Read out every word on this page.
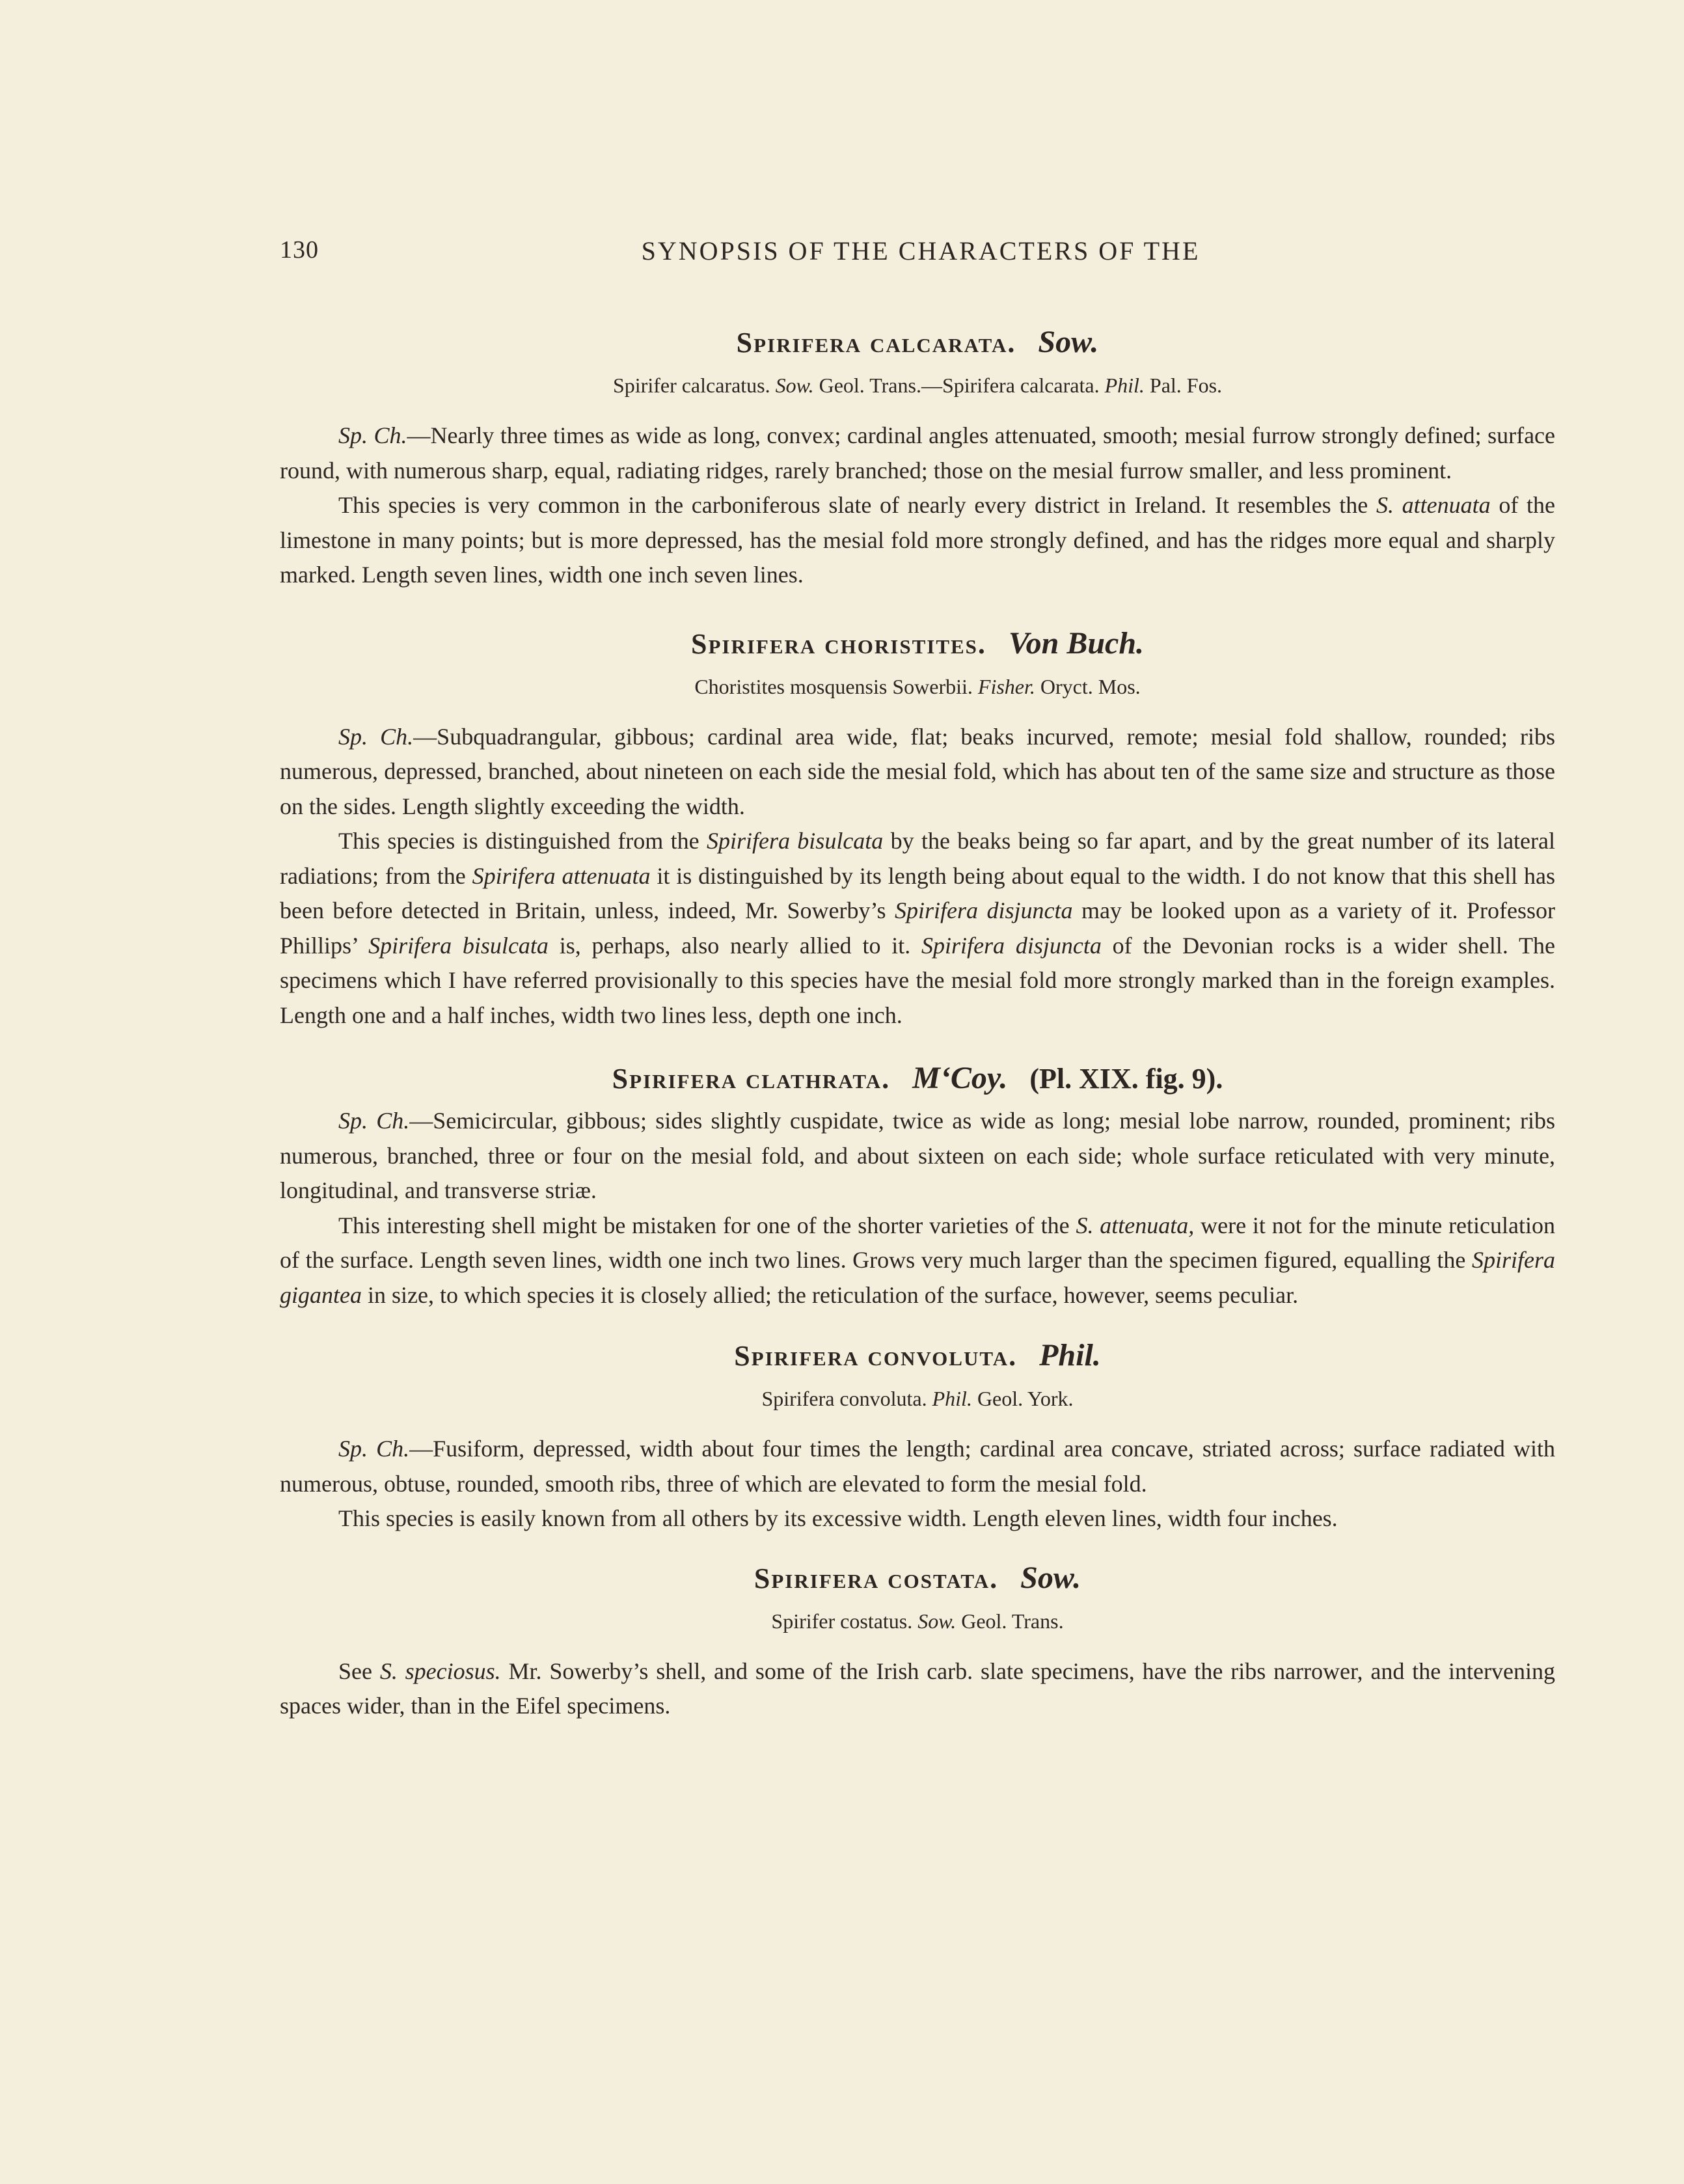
130	SYNOPSIS OF THE CHARACTERS OF THE
Spirifera calcarata. Sow.
Spirifer calcaratus. Sow. Geol. Trans.—Spirifera calcarata. Phil. Pal. Fos.

Sp. Ch.—Nearly three times as wide as long, convex; cardinal angles attenuated, smooth; mesial furrow strongly defined; surface round, with numerous sharp, equal, radiating ridges, rarely branched; those on the mesial furrow smaller, and less prominent.

This species is very common in the carboniferous slate of nearly every district in Ireland. It resembles the S. attenuata of the limestone in many points; but is more depressed, has the mesial fold more strongly defined, and has the ridges more equal and sharply marked. Length seven lines, width one inch seven lines.

Spirifera choristites. Von Buch.
Choristites mosquensis Sowerbii. Fisher. Oryct. Mos.

Sp. Ch.—Subquadrangular, gibbous; cardinal area wide, flat; beaks incurved, remote; mesial fold shallow, rounded; ribs numerous, depressed, branched, about nineteen on each side the mesial fold, which has about ten of the same size and structure as those on the sides. Length slightly exceeding the width.

This species is distinguished from the Spirifera bisulcata by the beaks being so far apart, and by the great number of its lateral radiations; from the Spirifera attenuata it is distinguished by its length being about equal to the width. I do not know that this shell has been before detected in Britain, unless, indeed, Mr. Sowerby’s Spirifera disjuncta may be looked upon as a variety of it. Professor Phillips’ Spirifera bisulcata is, perhaps, also nearly allied to it. Spirifera disjuncta of the Devonian rocks is a wider shell. The specimens which I have referred provisionally to this species have the mesial fold more strongly marked than in the foreign examples. Length one and a half inches, width two lines less, depth one inch.

Spirifera clathrata. M‘Coy. (Pl. XIX. fig. 9).

Sp. Ch.—Semicircular, gibbous; sides slightly cuspidate, twice as wide as long; mesial lobe narrow, rounded, prominent; ribs numerous, branched, three or four on the mesial fold, and about sixteen on each side; whole surface reticulated with very minute, longitudinal, and transverse striæ.

This interesting shell might be mistaken for one of the shorter varieties of the S. attenuata, were it not for the minute reticulation of the surface. Length seven lines, width one inch two lines. Grows very much larger than the specimen figured, equalling the Spirifera gigantea in size, to which species it is closely allied; the reticulation of the surface, however, seems peculiar.

Spirifera convoluta. Phil.
Spirifera convoluta. Phil. Geol. York.

Sp. Ch.—Fusiform, depressed, width about four times the length; cardinal area concave, striated across; surface radiated with numerous, obtuse, rounded, smooth ribs, three of which are elevated to form the mesial fold.

This species is easily known from all others by its excessive width. Length eleven lines, width four inches.

Spirifera costata. Sow.
Spirifer costatus. Sow. Geol. Trans.

See S. speciosus. Mr. Sowerby’s shell, and some of the Irish carb. slate specimens, have the ribs narrower, and the intervening spaces wider, than in the Eifel specimens.
